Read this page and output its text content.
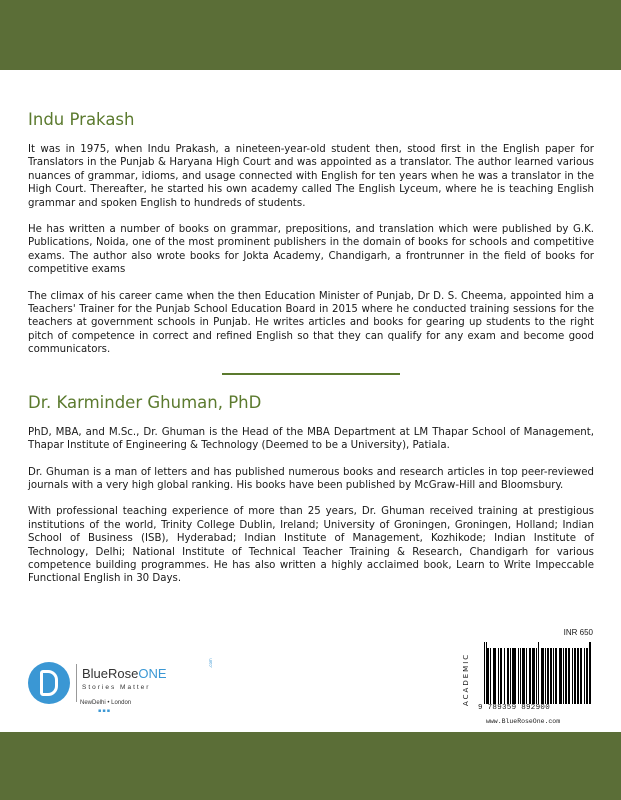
Indu Prakash

It was in 1975, when Indu Prakash, a nineteen-year-old student then, stood first in the English paper for Translators in the Punjab & Haryana High Court and was appointed as a translator. The author learned various nuances of grammar, idioms, and usage connected with English for ten years when he was a translator in the High Court. Thereafter, he started his own academy called The English Lyceum, where he is teaching English grammar and spoken English to hundreds of students.

He has written a number of books on grammar, prepositions, and translation which were published by G.K. Publications, Noida, one of the most prominent publishers in the domain of books for schools and competitive exams. The author also wrote books for Jokta Academy, Chandigarh, a frontrunner in the field of books for competitive exams

The climax of his career came when the then Education Minister of Punjab, Dr D. S. Cheema, appointed him a Teachers' Trainer for the Punjab School Education Board in 2015 where he conducted training sessions for the teachers at government schools in Punjab. He writes articles and books for gearing up students to the right pitch of competence in correct and refined English so that they can qualify for any exam and become good communicators.

Dr. Karminder Ghuman, PhD

PhD, MBA, and M.Sc., Dr. Ghuman is the Head of the MBA Department at LM Thapar School of Management, Thapar Institute of Engineering & Technology (Deemed to be a University), Patiala.

Dr. Ghuman is a man of letters and has published numerous books and research articles in top peer-reviewed journals with a very high global ranking. His books have been published by McGraw-Hill and Bloomsbury.

With professional teaching experience of more than 25 years, Dr. Ghuman received training at prestigious institutions of the world, Trinity College Dublin, Ireland; University of Groningen, Groningen, Holland; Indian School of Business (ISB), Hyderabad; Indian Institute of Management, Kozhikode; Indian Institute of Technology, Delhi; National Institute of Technical Teacher Training & Research, Chandigarh for various competence building programmes. He has also written a highly acclaimed book, Learn to Write Impeccable Functional English in 30 Days.

BlueRoseONE
.com
Stories Matter
NewDelhi • London
▪▪▪
INR 650
ACADEMIC
9 789359 892900
www.BlueRoseOne.com
